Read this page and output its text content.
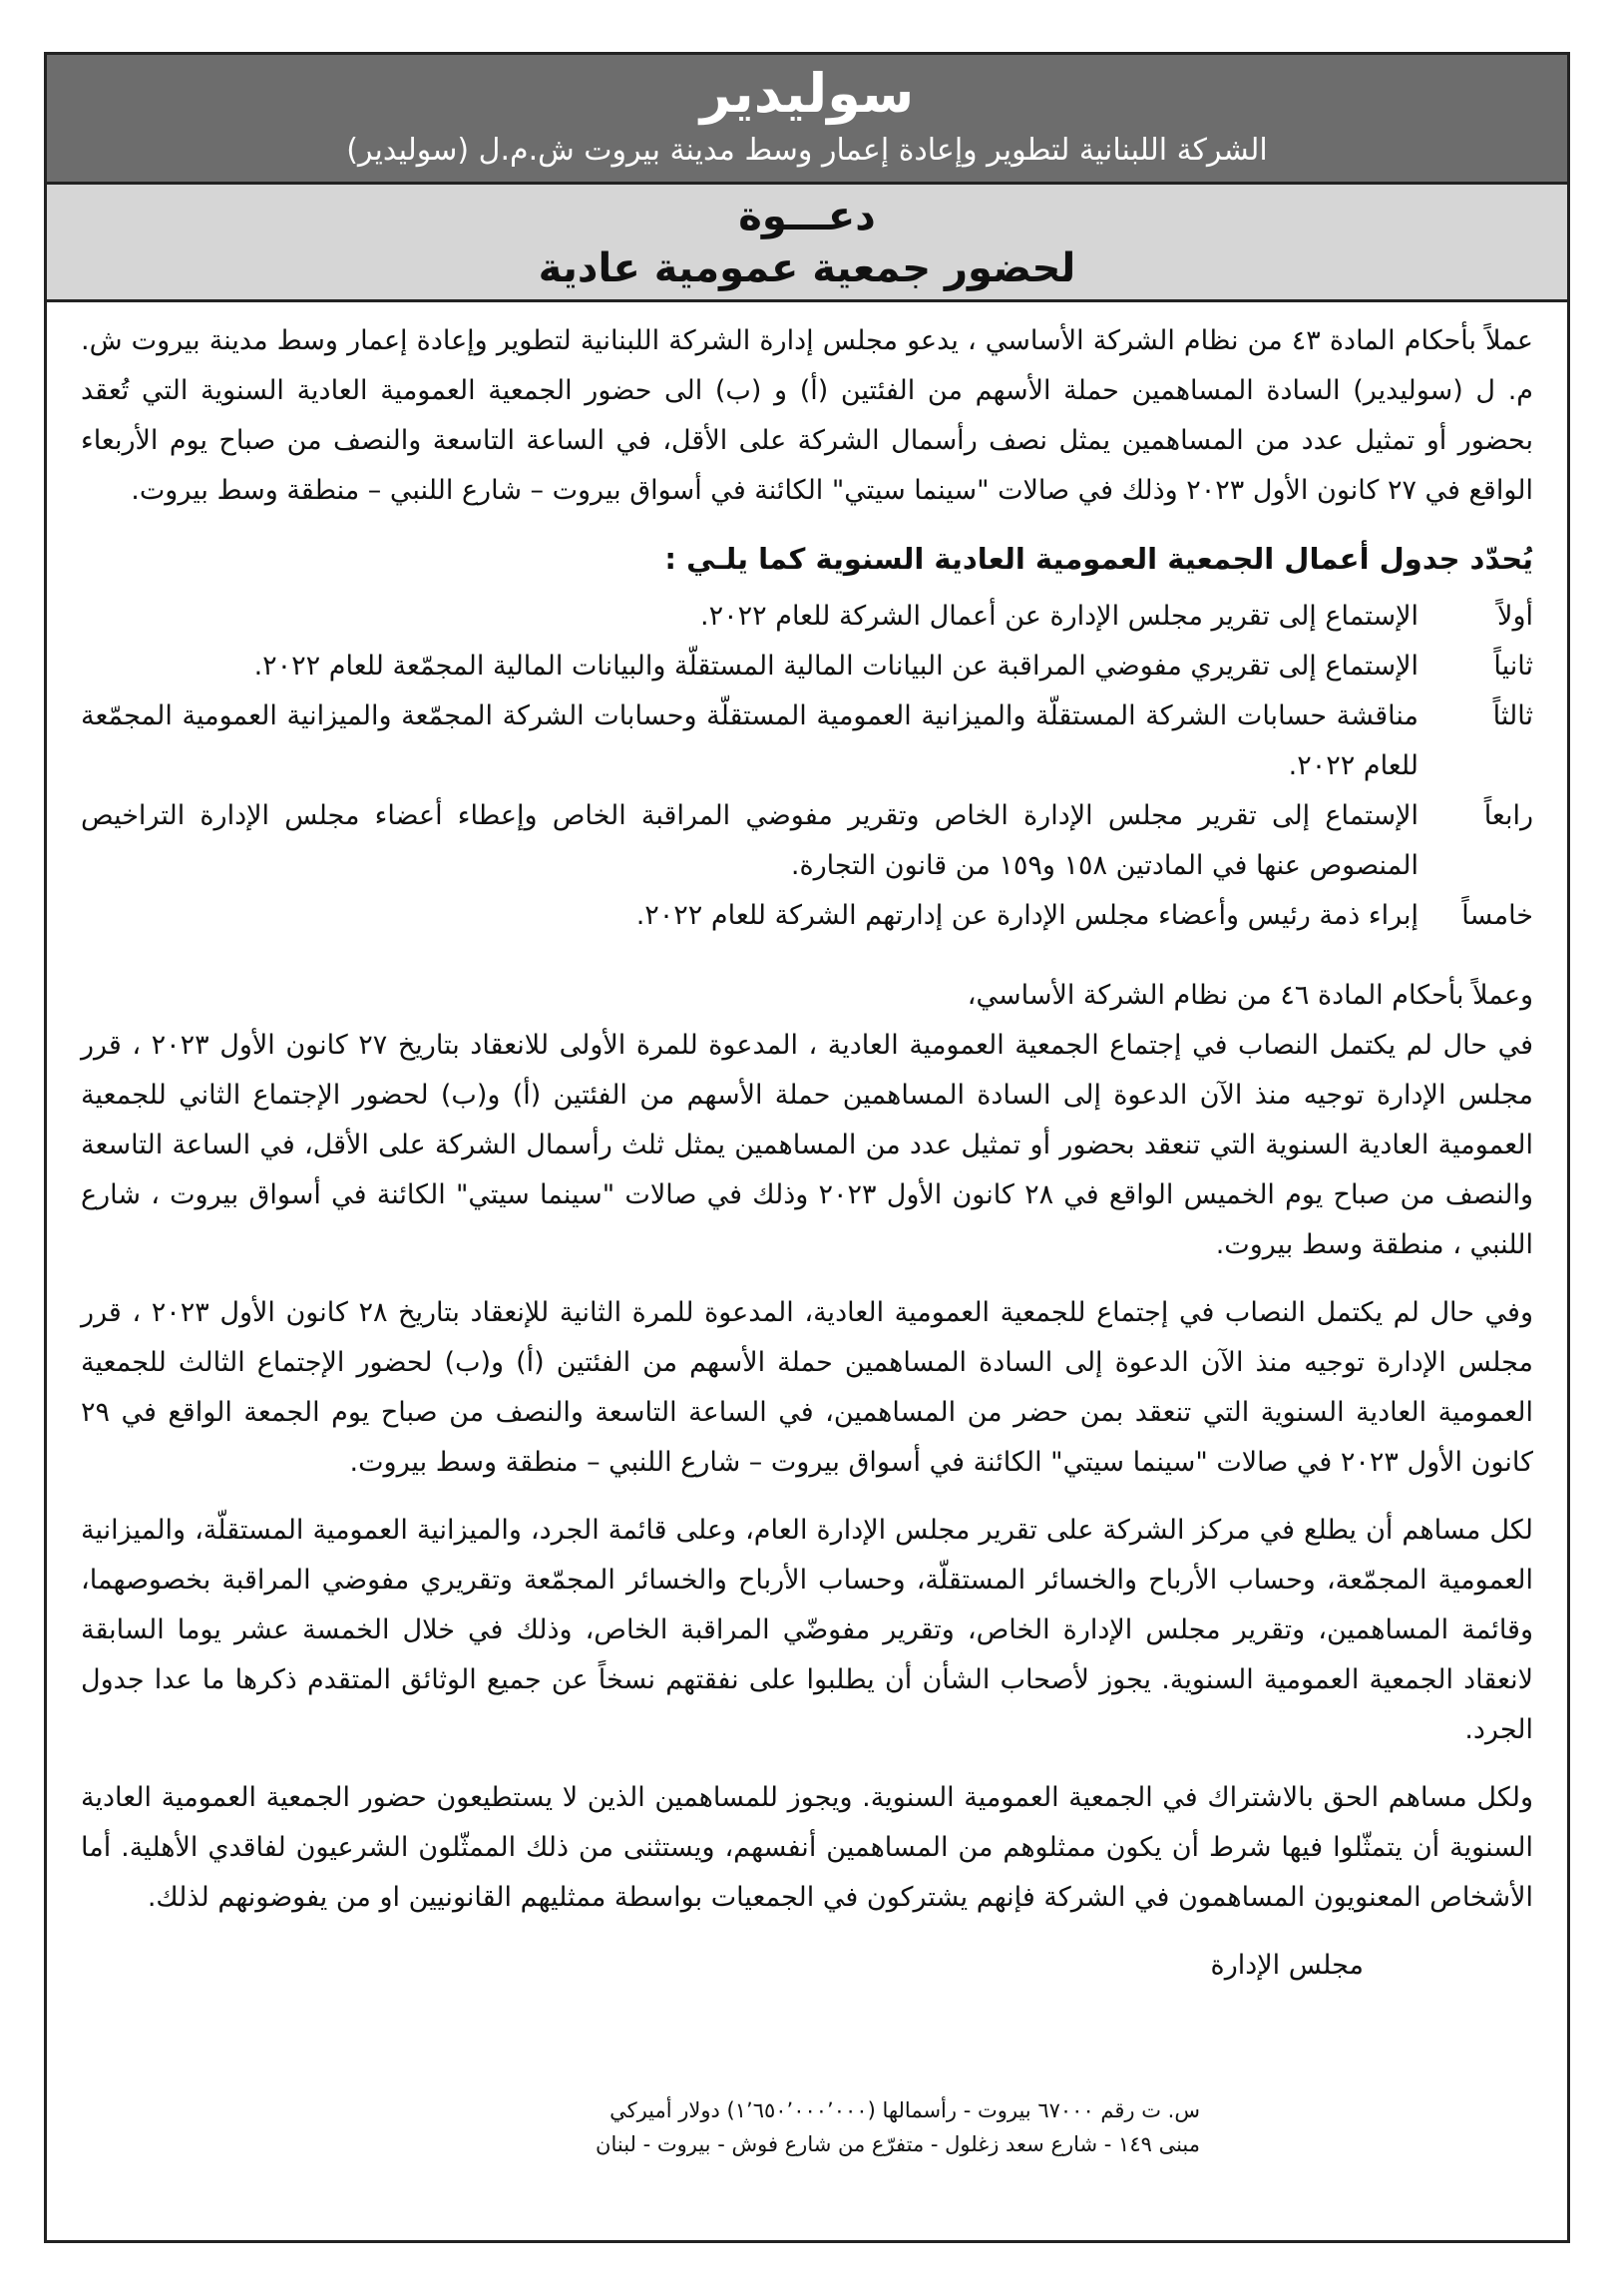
سوليدير
الشركة اللبنانية لتطوير وإعادة إعمار وسط مدينة بيروت ش.م.ل (سوليدير)
دعـــوة
لحضور جمعية عمومية عادية

عملاً بأحكام المادة ٤٣ من نظام الشركة الأساسي ، يدعو مجلس إدارة الشركة اللبنانية لتطوير وإعادة إعمار وسط مدينة بيروت ش. م. ل (سوليدير) السادة المساهمين حملة الأسهم من الفئتين (أ) و (ب) الى حضور الجمعية العمومية العادية السنوية التي تُعقد بحضور أو تمثيل عدد من المساهمين يمثل نصف رأسمال الشركة على الأقل، في الساعة التاسعة والنصف من صباح يوم الأربعاء الواقع في ٢٧ كانون الأول ٢٠٢٣ وذلك في صالات "سينما سيتي" الكائنة في أسواق بيروت – شارع اللنبي – منطقة وسط بيروت.

يُحدّد جدول أعمال الجمعية العمومية العادية السنوية كما يلـي :

أولاً
الإستماع إلى تقرير مجلس الإدارة عن أعمال الشركة للعام ٢٠٢٢.
ثانياً
الإستماع إلى تقريري مفوضي المراقبة عن البيانات المالية المستقلّة والبيانات المالية المجمّعة للعام ٢٠٢٢.
ثالثاً
مناقشة حسابات الشركة المستقلّة والميزانية العمومية المستقلّة وحسابات الشركة المجمّعة والميزانية العمومية المجمّعة للعام ٢٠٢٢.
رابعاً
الإستماع إلى تقرير مجلس الإدارة الخاص وتقرير مفوضي المراقبة الخاص وإعطاء أعضاء مجلس الإدارة التراخيص المنصوص عنها في المادتين ١٥٨ و١٥٩ من قانون التجارة.
خامساً
إبراء ذمة رئيس وأعضاء مجلس الإدارة عن إدارتهم الشركة للعام ٢٠٢٢.

وعملاً بأحكام المادة ٤٦ من نظام الشركة الأساسي،

في حال لم يكتمل النصاب في إجتماع الجمعية العمومية العادية ، المدعوة للمرة الأولى للانعقاد بتاريخ ٢٧ كانون الأول ٢٠٢٣ ، قرر مجلس الإدارة توجيه منذ الآن الدعوة إلى السادة المساهمين حملة الأسهم من الفئتين (أ) و(ب) لحضور الإجتماع الثاني للجمعية العمومية العادية السنوية التي تنعقد بحضور أو تمثيل عدد من المساهمين يمثل ثلث رأسمال الشركة على الأقل، في الساعة التاسعة والنصف من صباح يوم الخميس الواقع في ٢٨ كانون الأول ٢٠٢٣ وذلك في صالات "سينما سيتي" الكائنة في أسواق بيروت ، شارع اللنبي ، منطقة وسط بيروت.

وفي حال لم يكتمل النصاب في إجتماع للجمعية العمومية العادية، المدعوة للمرة الثانية للإنعقاد بتاريخ ٢٨ كانون الأول ٢٠٢٣ ، قرر مجلس الإدارة توجيه منذ الآن الدعوة إلى السادة المساهمين حملة الأسهم من الفئتين (أ) و(ب) لحضور الإجتماع الثالث للجمعية العمومية العادية السنوية التي تنعقد بمن حضر من المساهمين، في الساعة التاسعة والنصف من صباح يوم الجمعة الواقع في ٢٩ كانون الأول ٢٠٢٣ في صالات "سينما سيتي" الكائنة في أسواق بيروت – شارع اللنبي – منطقة وسط بيروت.

لكل مساهم أن يطلع في مركز الشركة على تقرير مجلس الإدارة العام، وعلى قائمة الجرد، والميزانية العمومية المستقلّة، والميزانية العمومية المجمّعة، وحساب الأرباح والخسائر المستقلّة، وحساب الأرباح والخسائر المجمّعة وتقريري مفوضي المراقبة بخصوصهما، وقائمة المساهمين، وتقرير مجلس الإدارة الخاص، وتقرير مفوضّي المراقبة الخاص، وذلك في خلال الخمسة عشر يوما السابقة لانعقاد الجمعية العمومية السنوية. يجوز لأصحاب الشأن أن يطلبوا على نفقتهم نسخاً عن جميع الوثائق المتقدم ذكرها ما عدا جدول الجرد.

ولكل مساهم الحق بالاشتراك في الجمعية العمومية السنوية. ويجوز للمساهمين الذين لا يستطيعون حضور الجمعية العمومية العادية السنوية أن يتمثّلوا فيها شرط أن يكون ممثلوهم من المساهمين أنفسهم، ويستثنى من ذلك الممثّلون الشرعيون لفاقدي الأهلية. أما الأشخاص المعنويون المساهمون في الشركة فإنهم يشتركون في الجمعيات بواسطة ممثليهم القانونيين او من يفوضونهم لذلك.

مجلس الإدارة

س. ت رقم ٦٧٠٠٠ بيروت - رأسمالها (١٬٦٥٠٬٠٠٠٬٠٠٠) دولار أميركي
مبنى ١٤٩ - شارع سعد زغلول - متفرّع من شارع فوش - بيروت - لبنان
